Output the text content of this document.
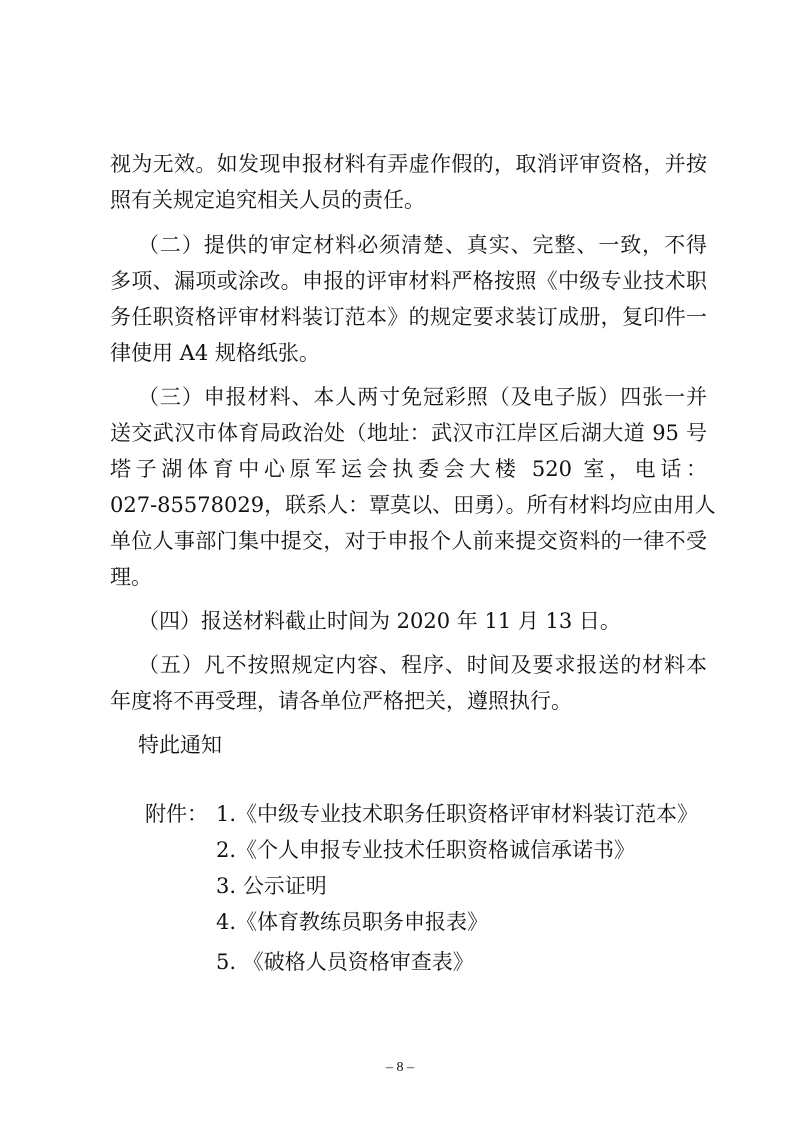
视为无效。如发现申报材料有弄虚作假的，取消评审资格，并按
照有关规定追究相关人员的责任。
（二）提供的审定材料必须清楚、真实、完整、一致，不得
多项、漏项或涂改。申报的评审材料严格按照《中级专业技术职
务任职资格评审材料装订范本》的规定要求装订成册，复印件一
律使用 A4 规格纸张。
（三）申报材料、本人两寸免冠彩照（及电子版）四张一并
送交武汉市体育局政治处（地址：武汉市江岸区后湖大道 95 号
塔子湖体育中心原军运会执委会大楼 520 室，电话：
027-85578029，联系人：覃莫以、田勇）。所有材料均应由用人
单位人事部门集中提交，对于申报个人前来提交资料的一律不受
理。
（四）报送材料截止时间为 2020 年 11 月 13 日。
（五）凡不按照规定内容、程序、时间及要求报送的材料本
年度将不再受理，请各单位严格把关，遵照执行。
特此通知
附件： 1.《中级专业技术职务任职资格评审材料装订范本》
2.《个人申报专业技术任职资格诚信承诺书》
3. 公示证明
4.《体育教练员职务申报表》
5. 《破格人员资格审查表》
– 8 –
